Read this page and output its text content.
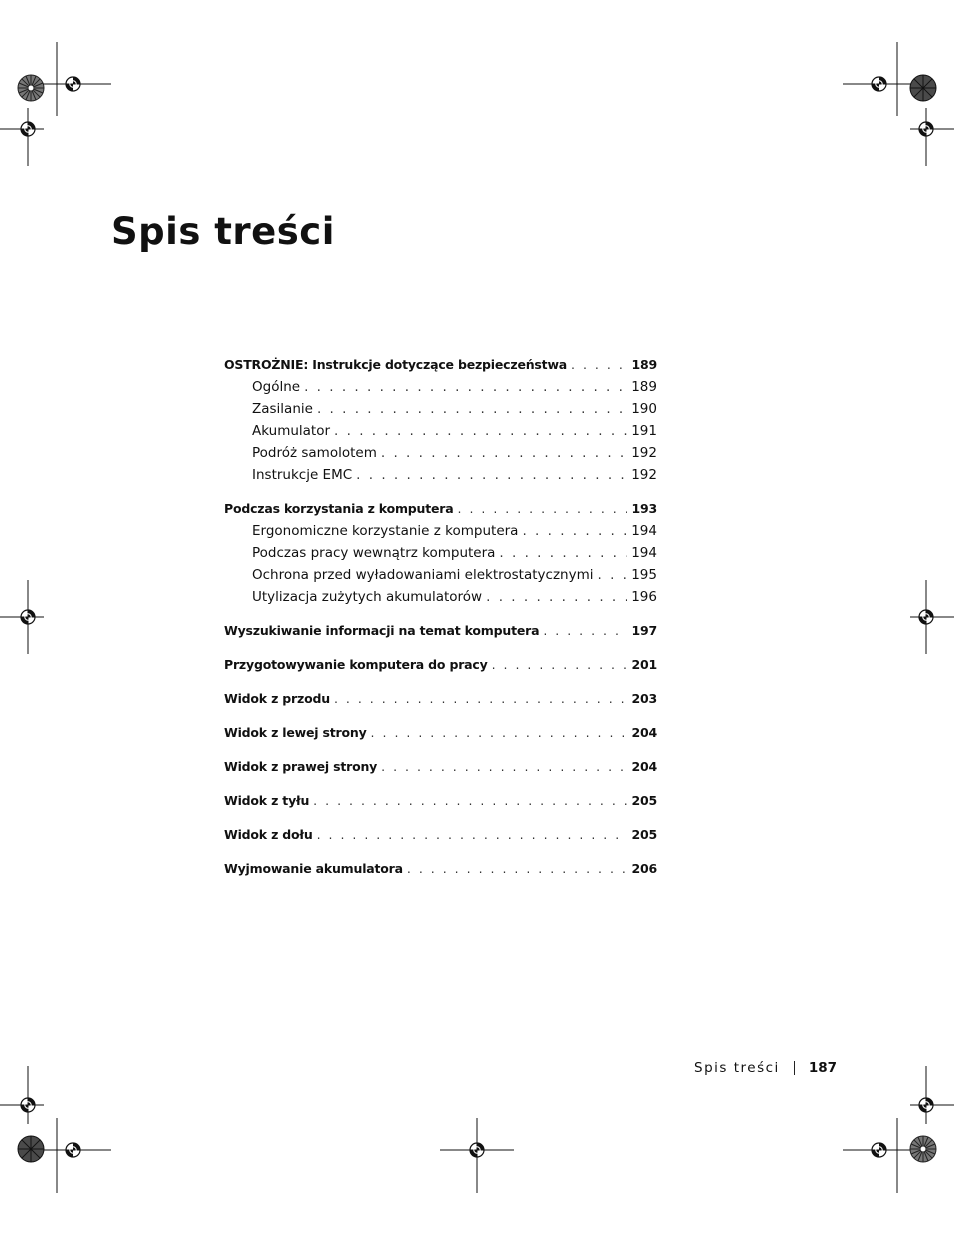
Spis treści
OSTROŻNIE: Instrukcje dotyczące bezpieczeństwa . . .	189
Ogólne . . .	189
Zasilanie . . .	190
Akumulator . . .	191
Podróż samolotem . . .	192
Instrukcje EMC . . .	192
Podczas korzystania z komputera . . .	193
Ergonomiczne korzystanie z komputera . . .	194
Podczas pracy wewnątrz komputera . . .	194
Ochrona przed wyładowaniami elektrostatycznymi . . .	195
Utylizacja zużytych akumulatorów . . .	196
Wyszukiwanie informacji na temat komputera . . .	197
Przygotowywanie komputera do pracy . . .	201
Widok z przodu . . .	203
Widok z lewej strony . . .	204
Widok z prawej strony . . .	204
Widok z tyłu . . .	205
Widok z dołu . . .	205
Wyjmowanie akumulatora . . .	206
Spis treści 187
